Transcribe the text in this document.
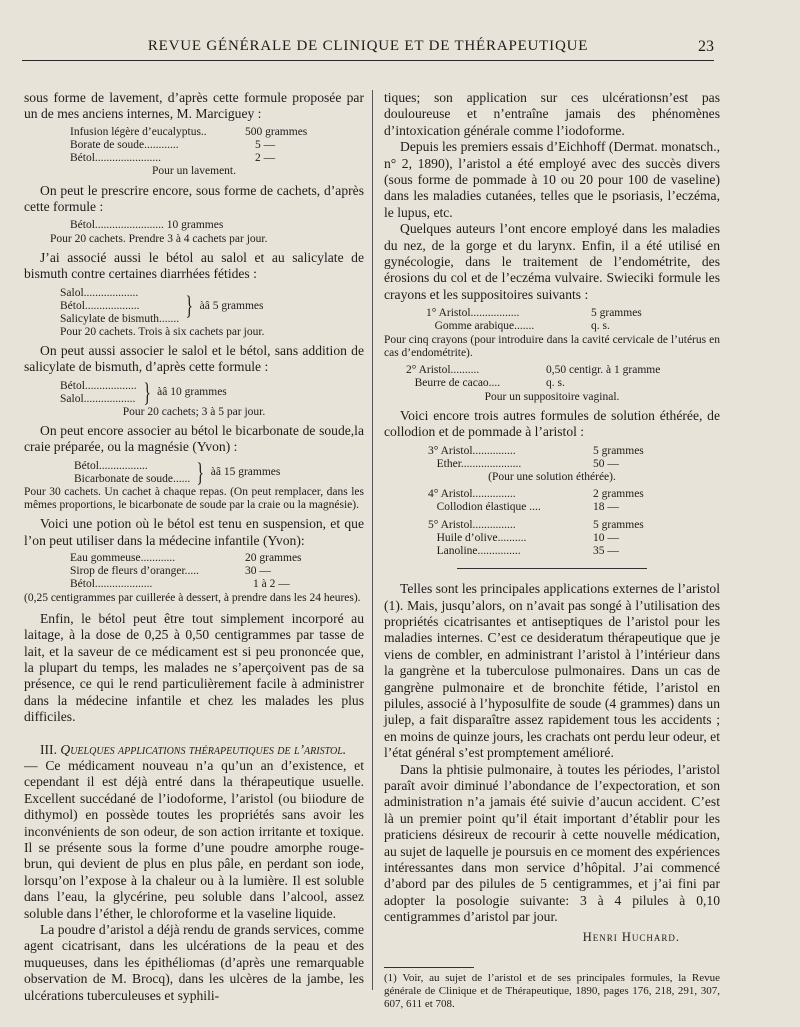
REVUE GÉNÉRALE DE CLINIQUE ET DE THÉRAPEUTIQUE	23

sous forme de lavement, d’après cette formule proposée par un de mes anciens internes, M. Marciguey :

Infusion légère d’eucalyptus..	500 grammes
Borate de soude............	5 —
Bétol.......................	2 —
Pour un lavement.

On peut le prescrire encore, sous forme de cachets, d’après cette formule :

Bétol........................ 10 grammes
Pour 20 cachets. Prendre 3 à 4 cachets par jour.

J’ai associé aussi le bétol au salol et au salicylate de bismuth contre certaines diarrhées fétides :

Salol...................
Bétol...................
Salicylate de bismuth....... } àâ 5 grammes
Pour 20 cachets. Trois à six cachets par jour.

On peut aussi associer le salol et le bétol, sans addition de salicylate de bismuth, d’après cette formule :

Bétol..................
Salol.................. } àâ 10 grammes
Pour 20 cachets; 3 à 5 par jour.

On peut encore associer au bétol le bicarbonate de soude,la craie préparée, ou la magnésie (Yvon) :

Bétol.................
Bicarbonate de soude...... } àâ 15 grammes
Pour 30 cachets. Un cachet à chaque repas. (On peut remplacer, dans les mêmes proportions, le bicarbonate de soude par la craie ou la magnésie).

Voici une potion où le bétol est tenu en suspension, et que l’on peut utiliser dans la médecine infantile (Yvon):

Eau gommeuse............	20 grammes
Sirop de fleurs d’oranger.....	30 —
Bétol....................	1 à 2 —
(0,25 centigrammes par cuillerée à dessert, à prendre dans les 24 heures).

Enfin, le bétol peut être tout simplement incorporé au laitage, à la dose de 0,25 à 0,50 centigrammes par tasse de lait, et la saveur de ce médicament est si peu prononcée que, la plupart du temps, les malades ne s’aperçoivent pas de sa présence, ce qui le rend particulièrement facile à administrer dans la médecine infantile et chez les malades les plus difficiles.

III. Quelques applications thérapeutiques de l’aristol.

— Ce médicament nouveau n’a qu’un an d’existence, et cependant il est déjà entré dans la thérapeutique usuelle. Excellent succédané de l’iodoforme, l’aristol (ou biiodure de dithymol) en possède toutes les propriétés sans avoir les inconvénients de son odeur, de son action irritante et toxique. Il se présente sous la forme d’une poudre amorphe rouge-brun, qui devient de plus en plus pâle, en perdant son iode, lorsqu’on l’expose à la chaleur ou à la lumière. Il est soluble dans l’eau, la glycérine, peu soluble dans l’alcool, assez soluble dans l’éther, le chloroforme et la vaseline liquide.

La poudre d’aristol a déjà rendu de grands services, comme agent cicatrisant, dans les ulcérations de la peau et des muqueuses, dans les épithéliomas (d’après une remarquable observation de M. Brocq), dans les ulcères de la jambe, les ulcérations tuberculeuses et syphili-

tiques; son application sur ces ulcérationsn’est pas douloureuse et n’entraîne jamais des phénomènes d’intoxication générale comme l’iodoforme.

Depuis les premiers essais d’Eichhoff (Dermat. monatsch., n° 2, 1890), l’aristol a été employé avec des succès divers (sous forme de pommade à 10 ou 20 pour 100 de vaseline) dans les maladies cutanées, telles que le psoriasis, l’eczéma, le lupus, etc.

Quelques auteurs l’ont encore employé dans les maladies du nez, de la gorge et du larynx. Enfin, il a été utilisé en gynécologie, dans le traitement de l’endométrite, des érosions du col et de l’eczéma vulvaire. Swieciki formule les crayons et les suppositoires suivants :

1° Aristol.................	5 grammes
Gomme arabique.......	q. s.
Pour cinq crayons (pour introduire dans la cavité cervicale de l’utérus en cas d’endométrite).
2° Aristol..........	0,50 centigr. à 1 gramme
Beurre de cacao....	q. s.
Pour un suppositoire vaginal.

Voici encore trois autres formules de solution éthérée, de collodion et de pommade à l’aristol :

3° Aristol...............	5 grammes
Ether.....................	50 —
(Pour une solution éthérée).
4° Aristol...............	2 grammes
Collodion élastique ....	18 —
5° Aristol...............	5 grammes
Huile d’olive..........	10 —
Lanoline...............	35 —

Telles sont les principales applications externes de l’aristol (1). Mais, jusqu’alors, on n’avait pas songé à l’utilisation des propriétés cicatrisantes et antiseptiques de l’aristol pour les maladies internes. C’est ce desideratum thérapeutique que je viens de combler, en administrant l’aristol à l’intérieur dans la gangrène et la tuberculose pulmonaires. Dans un cas de gangrène pulmonaire et de bronchite fétide, l’aristol en pilules, associé à l’hyposulfite de soude (4 grammes) dans un julep, a fait disparaître assez rapidement tous les accidents ; en moins de quinze jours, les crachats ont perdu leur odeur, et l’état général s’est promptement amélioré.

Dans la phtisie pulmonaire, à toutes les périodes, l’aristol paraît avoir diminué l’abondance de l’expectoration, et son administration n’a jamais été suivie d’aucun accident. C’est là un premier point qu’il était important d’établir pour les praticiens désireux de recourir à cette nouvelle médication, au sujet de laquelle je poursuis en ce moment des expériences intéressantes dans mon service d’hôpital. J’ai commencé d’abord par des pilules de 5 centigrammes, et j’ai fini par adopter la posologie suivante: 3 à 4 pilules à 0,10 centigrammes d’aristol par jour.

Henri Huchard.
(1) Voir, au sujet de l’aristol et de ses principales formules, la Revue générale de Clinique et de Thérapeutique, 1890, pages 176, 218, 291, 307, 607, 611 et 708.
